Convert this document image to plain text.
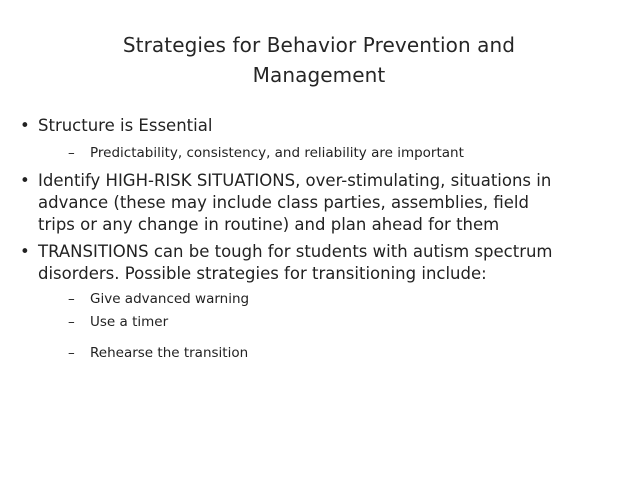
Strategies for Behavior Prevention and
Management
• Structure is Essential
–	Predictability, consistency, and reliability are important
• Identify HIGH-RISK SITUATIONS, over-stimulating, situations in
advance (these may include class parties, assemblies, field
trips or any change in routine) and plan ahead for them
• TRANSITIONS can be tough for students with autism spectrum
disorders. Possible strategies for transitioning include:
–	Give advanced warning
–	Use a timer
–	Rehearse the transition
